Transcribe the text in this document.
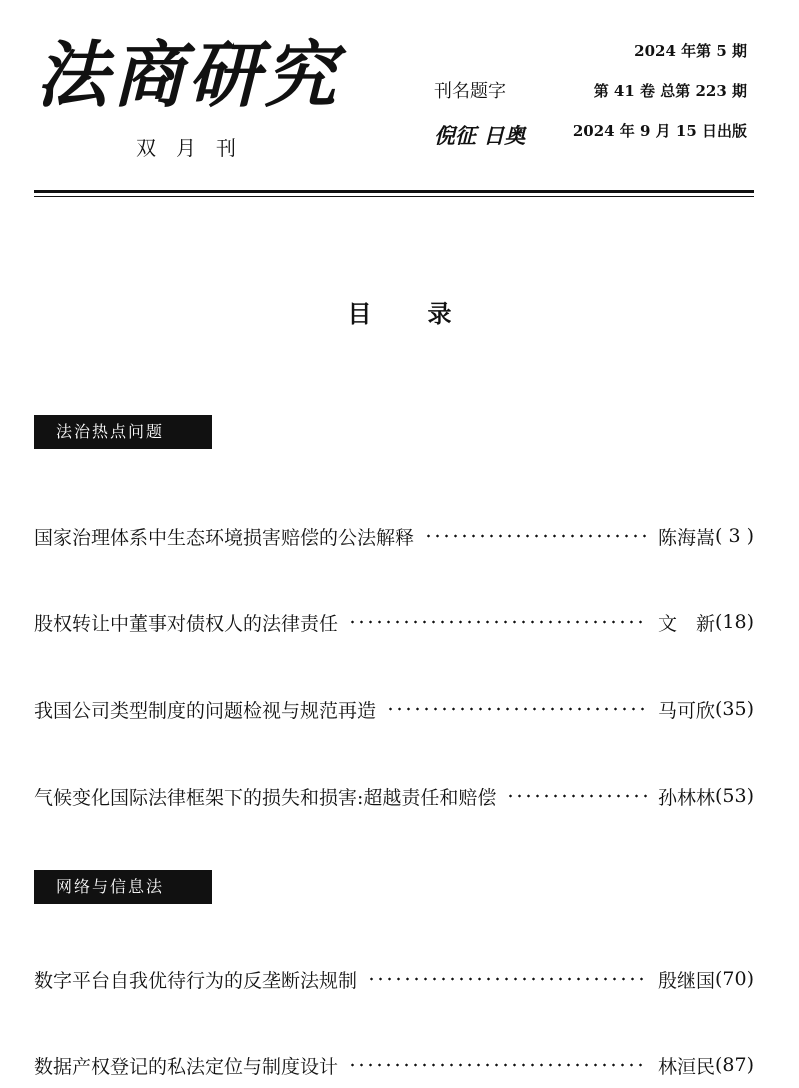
法商研究
双月刊
刊名题字
倪征 日奥
2024 年第 5 期
第 41 卷 总第 223 期
2024 年 9 月 15 日出版
目录
法治热点问题
国家治理体系中生态环境损害赔偿的公法解释	陈海嵩 ( 3 )
股权转让中董事对债权人的法律责任	文　新 (18)
我国公司类型制度的问题检视与规范再造	马可欣 (35)
气候变化国际法律框架下的损失和损害:超越责任和赔偿	孙林林 (53)
网络与信息法
数字平台自我优待行为的反垄断法规制	殷继国 (70)
数据产权登记的私法定位与制度设计	林洹民 (87)
